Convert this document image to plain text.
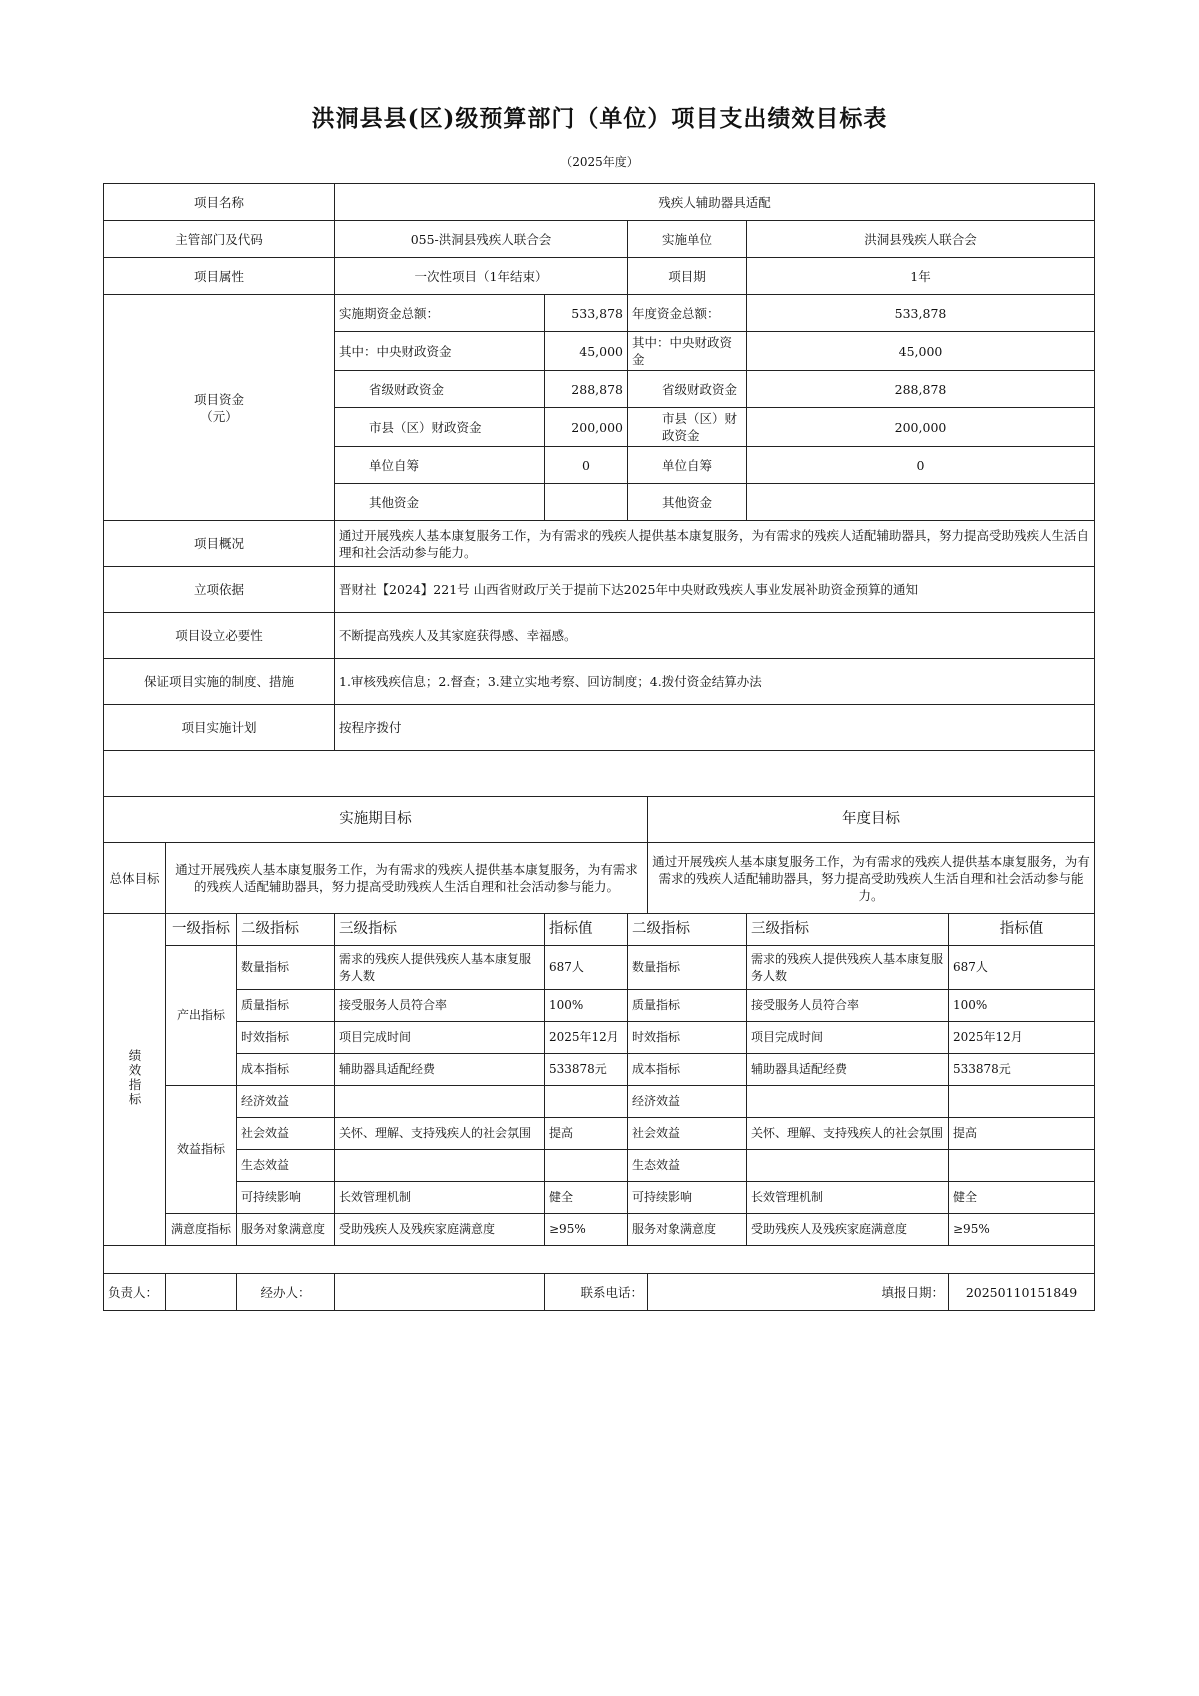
洪洞县县(区)级预算部门（单位）项目支出绩效目标表
（2025年度）
项目名称			残疾人辅助器具适配					
主管部门及代码			055-洪洞县残疾人联合会		实施单位		洪洞县残疾人联合会	
项目属性			一次性项目（1年结束）		项目期		1年	

项目资金
（元）			实施期资金总额：	533,878	年度资金总额：		533,878	
			其中：中央财政资金	45,000	其中：中央财政资金		45,000	
			省级财政资金	288,878	省级财政资金		288,878	
			市县（区）财政资金	200,000	市县（区）财政资金		200,000	
			单位自筹	0	单位自筹		0	
			其他资金		其他资金			
项目概况			通过开展残疾人基本康复服务工作，为有需求的残疾人提供基本康复服务，为有需求的残疾人适配辅助器具，努力提高受助残疾人生活自理和社会活动参与能力。					
立项依据			晋财社【2024】221号 山西省财政厅关于提前下达2025年中央财政残疾人事业发展补助资金预算的通知					
项目设立必要性			不断提高残疾人及其家庭获得感、幸福感。					
保证项目实施的制度、措施			1.审核残疾信息；2.督查；3.建立实地考察、回访制度；4.拨付资金结算办法					
项目实施计划			按程序拨付					

实施期目标						年度目标		
总体目标	通过开展残疾人基本康复服务工作，为有需求的残疾人提供基本康复服务，为有需求的残疾人适配辅助器具，努力提高受助残疾人生活自理和社会活动参与能力。					通过开展残疾人基本康复服务工作，为有需求的残疾人提供基本康复服务，为有需求的残疾人适配辅助器具，努力提高受助残疾人生活自理和社会活动参与能力。		
绩效指标	一级指标	二级指标	三级指标	指标值	二级指标		三级指标	指标值
	产出指标	数量指标	需求的残疾人提供残疾人基本康复服务人数	687人	数量指标		需求的残疾人提供残疾人基本康复服务人数	687人
		质量指标	接受服务人员符合率	100%	质量指标		接受服务人员符合率	100%
		时效指标	项目完成时间	2025年12月	时效指标		项目完成时间	2025年12月
		成本指标	辅助器具适配经费	533878元	成本指标		辅助器具适配经费	533878元
	效益指标	经济效益			经济效益			
		社会效益	关怀、理解、支持残疾人的社会氛围	提高	社会效益		关怀、理解、支持残疾人的社会氛围	提高
		生态效益			生态效益			
		可持续影响	长效管理机制	健全	可持续影响		长效管理机制	健全
	满意度指标	服务对象满意度	受助残疾人及残疾家庭满意度	≥95%	服务对象满意度		受助残疾人及残疾家庭满意度	≥95%

负责人：		经办人：		联系电话：		填报日期：		20250110151849
